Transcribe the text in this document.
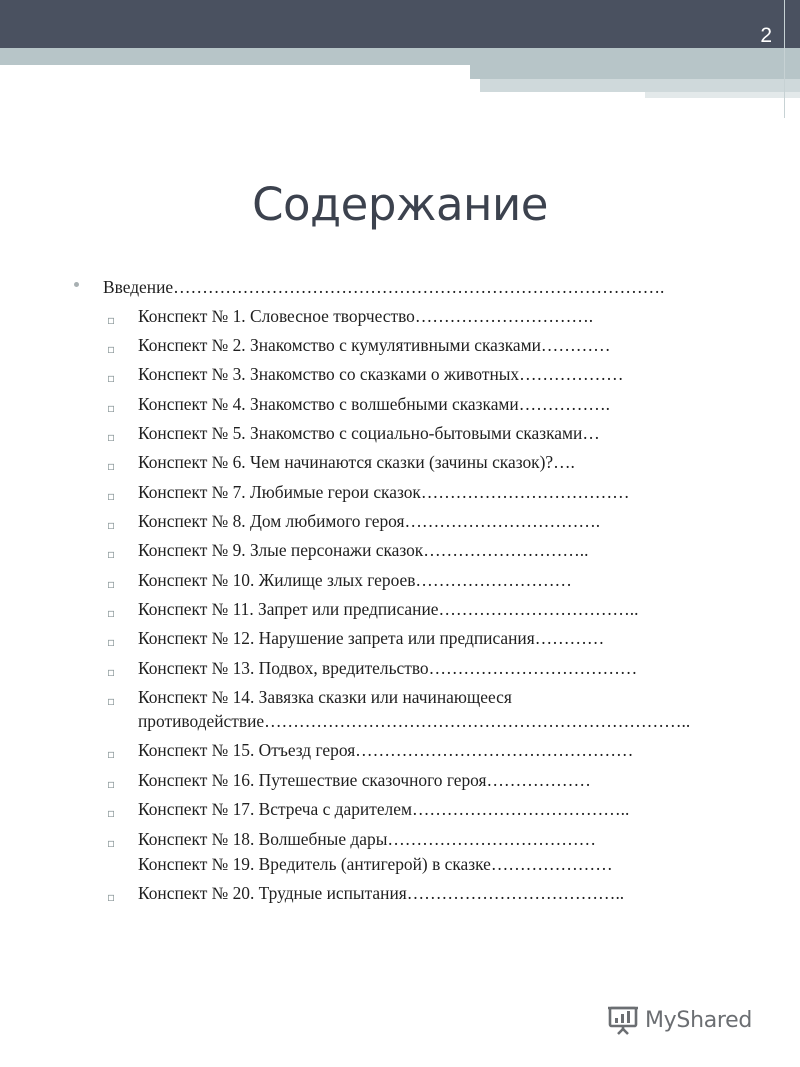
2
Содержание
Введение………………………………………………………………………….
▫ Конспект № 1. Словесное творчество………………………….
▫ Конспект № 2. Знакомство с кумулятивными сказками…………
▫ Конспект № 3. Знакомство со сказками о животных………………
▫ Конспект № 4. Знакомство с волшебными сказками…………….
▫ Конспект № 5. Знакомство с социально-бытовыми сказками…
▫ Конспект № 6. Чем начинаются сказки (зачины сказок)?….
▫ Конспект № 7. Любимые герои сказок………………………………
▫ Конспект № 8. Дом любимого героя…………………………….
▫ Конспект № 9. Злые персонажи сказок………………………..
▫ Конспект № 10. Жилище злых героев………………………
▫ Конспект № 11. Запрет или предписание……………………………..
▫ Конспект № 12. Нарушение запрета или предписания…………
▫ Конспект № 13. Подвох, вредительство………………………………
▫ Конспект № 14. Завязка сказки или начинающееся
противодействие………………………………………………………………..
▫ Конспект № 15. Отъезд героя…………………………………………
▫ Конспект № 16. Путешествие сказочного героя………………
▫ Конспект № 17. Встреча с дарителем………………………………..
▫ Конспект № 18. Волшебные дары………………………………
Конспект № 19. Вредитель (антигерой) в сказке…………………
▫ Конспект № 20. Трудные испытания………………………………..
MyShared
